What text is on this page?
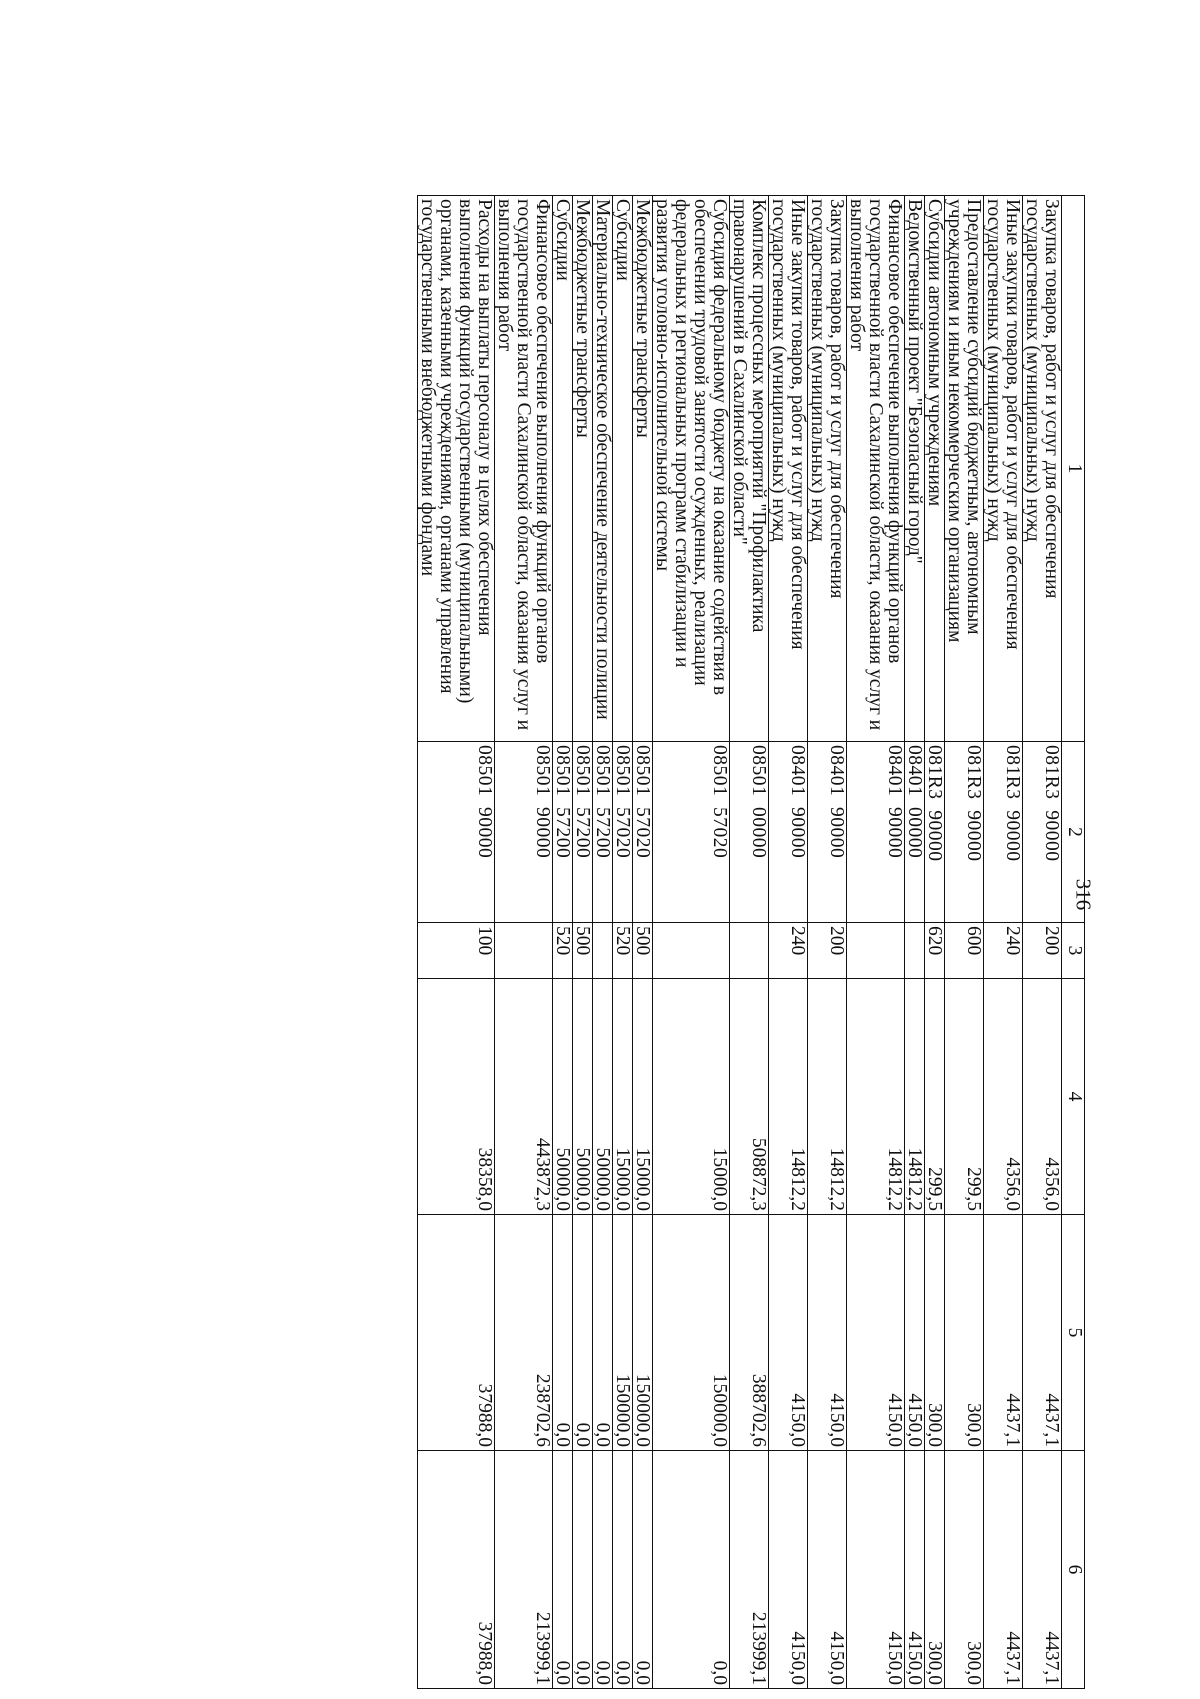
316
1	2	3	4	5	6
Закупка товаров, работ и услуг для обеспечения государственных (муниципальных) нужд	081R3  90000	200	4356,0	4437,1	4437,1
Иные закупки товаров, работ и услуг для обеспечения государственных (муниципальных) нужд	081R3  90000	240	4356,0	4437,1	4437,1
Предоставление субсидий бюджетным, автономным учреждениям и иным некоммерческим организациям	081R3  90000	600	299,5	300,0	300,0
Субсидии автономным учреждениям	081R3  90000	620	299,5	300,0	300,0
Ведомственный проект "Безопасный город"	08401  00000		14812,2	4150,0	4150,0
Финансовое обеспечение выполнения функций органов государственной власти Сахалинской области, оказания услуг и выполнения работ	08401  90000		14812,2	4150,0	4150,0
Закупка товаров, работ и услуг для обеспечения государственных (муниципальных) нужд	08401  90000	200	14812,2	4150,0	4150,0
Иные закупки товаров, работ и услуг для обеспечения государственных (муниципальных) нужд	08401  90000	240	14812,2	4150,0	4150,0
Комплекс процессных мероприятий "Профилактика правонарушений в Сахалинской области"	08501  00000		508872,3	388702,6	213999,1
Субсидия федеральному бюджету на оказание содействия в обеспечении трудовой занятости осужденных, реализации федеральных и региональных программ стабилизации и развития уголовно-исполнительной системы	08501  57020		15000,0	150000,0	0,0
Межбюджетные трансферты	08501  57020	500	15000,0	150000,0	0,0
Субсидии	08501  57020	520	15000,0	150000,0	0,0
Материально-техническое обеспечение деятельности полиции	08501  57200		50000,0	0,0	0,0
Межбюджетные трансферты	08501  57200	500	50000,0	0,0	0,0
Субсидии	08501  57200	520	50000,0	0,0	0,0
Финансовое обеспечение выполнения функций органов государственной власти Сахалинской области, оказания услуг и выполнения работ	08501  90000		443872,3	238702,6	213999,1
Расходы на выплаты персоналу в целях обеспечения выполнения функций государственными (муниципальными) органами, казенными учреждениями, органами управления государственными внебюджетными фондами	08501  90000	100	38358,0	37988,0	37988,0
